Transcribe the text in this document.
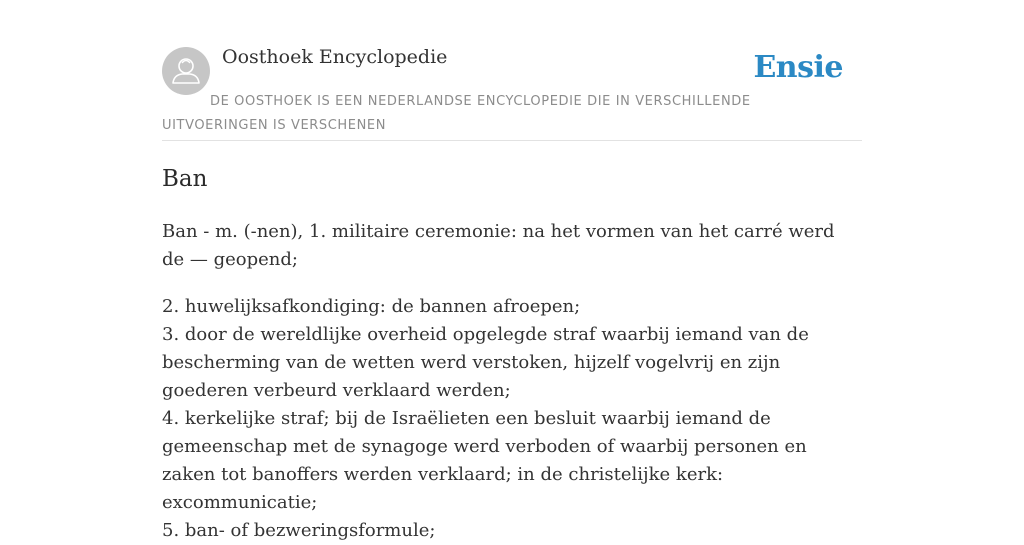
Oosthoek Encyclopedie	Ensie
DE OOSTHOEK IS EEN NEDERLANDSE ENCYCLOPEDIE DIE IN VERSCHILLENDE UITVOERINGEN IS VERSCHENEN
Ban

Ban - m. (-nen), 1. militaire ceremonie: na het vormen van het carré werd de — geopend;

2. huwelijksafkondiging: de bannen afroepen;
3. door de wereldlijke overheid opgelegde straf waarbij iemand van de bescherming van de wetten werd verstoken, hijzelf vogelvrij en zijn goederen verbeurd verklaard werden;
4. kerkelijke straf; bij de Israëlieten een besluit waarbij iemand de gemeenschap met de synagoge werd verboden of waarbij personen en zaken tot banoffers werden verklaard; in de christelijke kerk: excommunicatie;
5. ban- of bezweringsformule;
